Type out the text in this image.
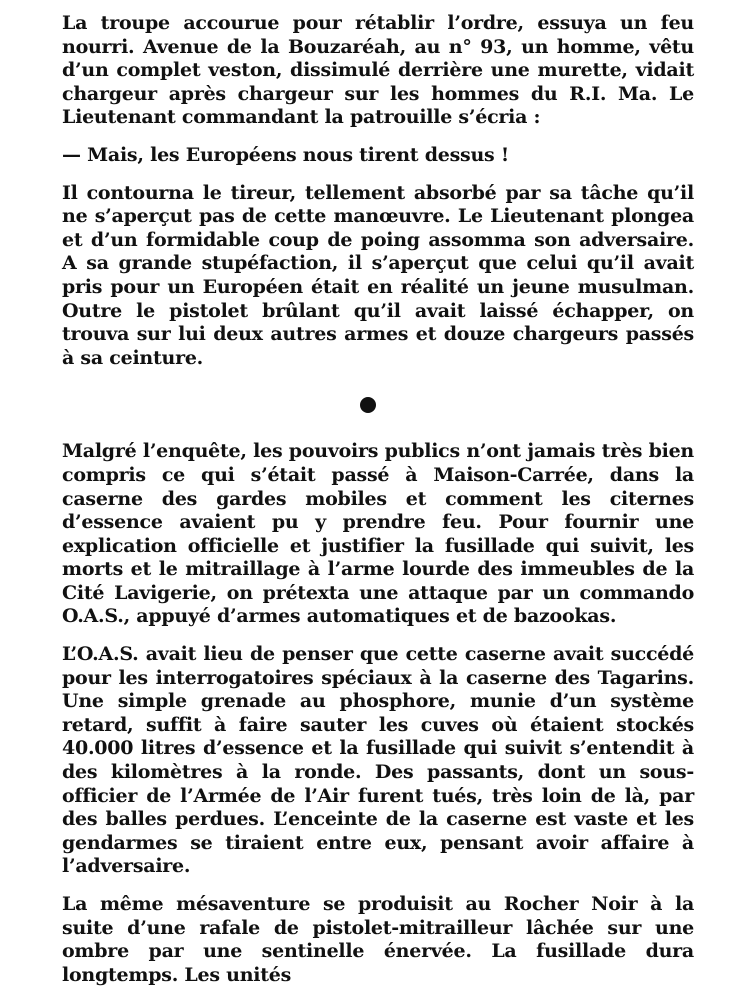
La troupe accourue pour rétablir l’ordre, essuya un feu nourri. Avenue de la Bouzaréah, au n° 93, un homme, vêtu d’un complet veston, dissimulé derrière une murette, vidait chargeur après chargeur sur les hommes du R.I. Ma. Le Lieutenant commandant la patrouille s’écria :

— Mais, les Européens nous tirent dessus !

Il contourna le tireur, tellement absorbé par sa tâche qu’il ne s’aperçut pas de cette manœuvre. Le Lieutenant plongea et d’un formidable coup de poing assomma son adversaire. A sa grande stupéfaction, il s’aperçut que celui qu’il avait pris pour un Européen était en réalité un jeune musulman. Outre le pistolet brûlant qu’il avait laissé échapper, on trouva sur lui deux autres armes et douze chargeurs passés à sa ceinture.

Malgré l’enquête, les pouvoirs publics n’ont jamais très bien compris ce qui s’était passé à Maison-Carrée, dans la caserne des gardes mobiles et comment les citernes d’essence avaient pu y prendre feu. Pour fournir une explication officielle et justifier la fusillade qui suivit, les morts et le mitraillage à l’arme lourde des immeubles de la Cité Lavigerie, on prétexta une attaque par un commando O.A.S., appuyé d’armes automatiques et de bazookas.

L’O.A.S. avait lieu de penser que cette caserne avait succédé pour les interrogatoires spéciaux à la caserne des Tagarins. Une simple grenade au phosphore, munie d’un système retard, suffit à faire sauter les cuves où étaient stockés 40.000 litres d’essence et la fusillade qui suivit s’entendit à des kilomètres à la ronde. Des passants, dont un sous-officier de l’Armée de l’Air furent tués, très loin de là, par des balles perdues. L’enceinte de la caserne est vaste et les gendarmes se tiraient entre eux, pensant avoir affaire à l’adversaire.

La même mésaventure se produisit au Rocher Noir à la suite d’une rafale de pistolet-mitrailleur lâchée sur une ombre par une sentinelle énervée. La fusillade dura longtemps. Les unités
